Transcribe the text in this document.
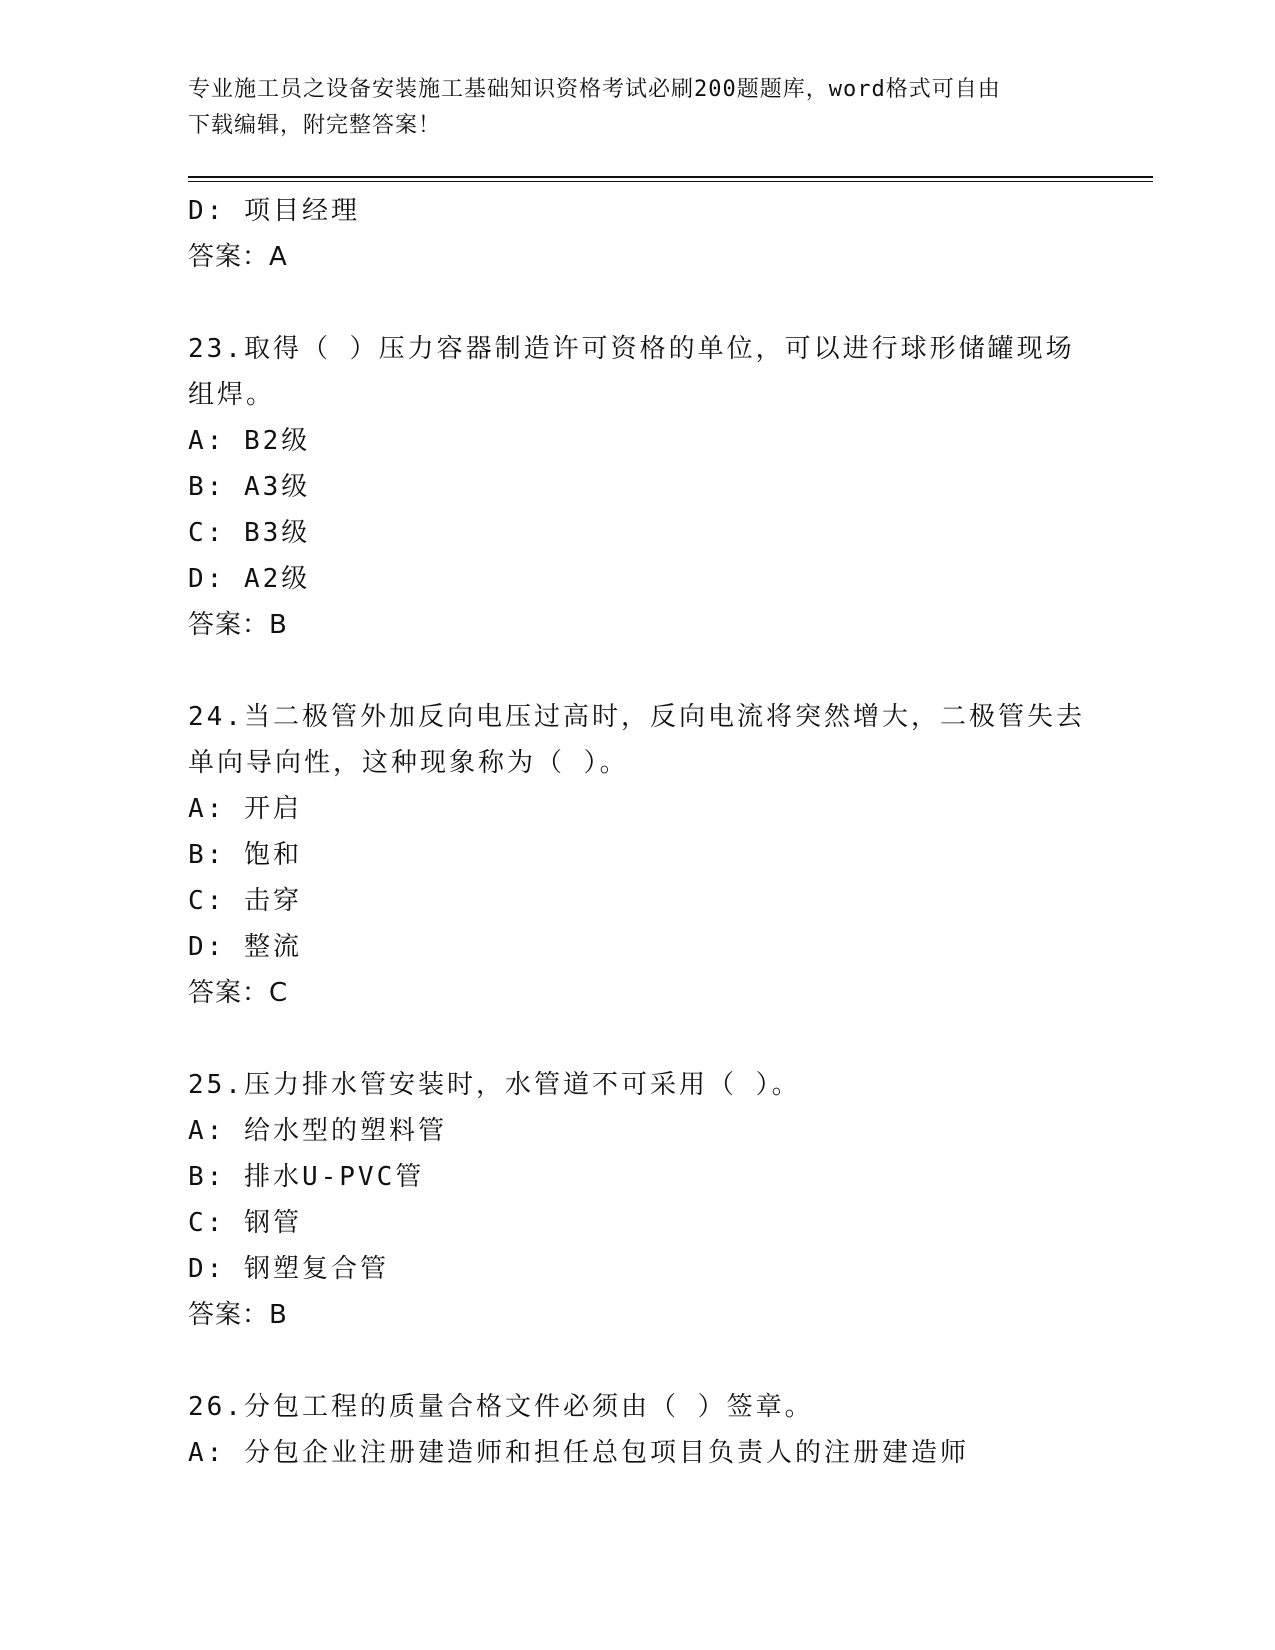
专业施工员之设备安装施工基础知识资格考试必刷200题题库，word格式可自由
下载编辑，附完整答案！
D: 项目经理
答案：A
23.取得（ ）压力容器制造许可资格的单位，可以进行球形储罐现场
组焊。
A: B2级
B: A3级
C: B3级
D: A2级
答案：B
24.当二极管外加反向电压过高时，反向电流将突然增大，二极管失去
单向导向性，这种现象称为（ ）。
A: 开启
B: 饱和
C: 击穿
D: 整流
答案：C
25.压力排水管安装时，水管道不可采用（ ）。
A: 给水型的塑料管
B: 排水U-PVC管
C: 钢管
D: 钢塑复合管
答案：B
26.分包工程的质量合格文件必须由（ ）签章。
A: 分包企业注册建造师和担任总包项目负责人的注册建造师
